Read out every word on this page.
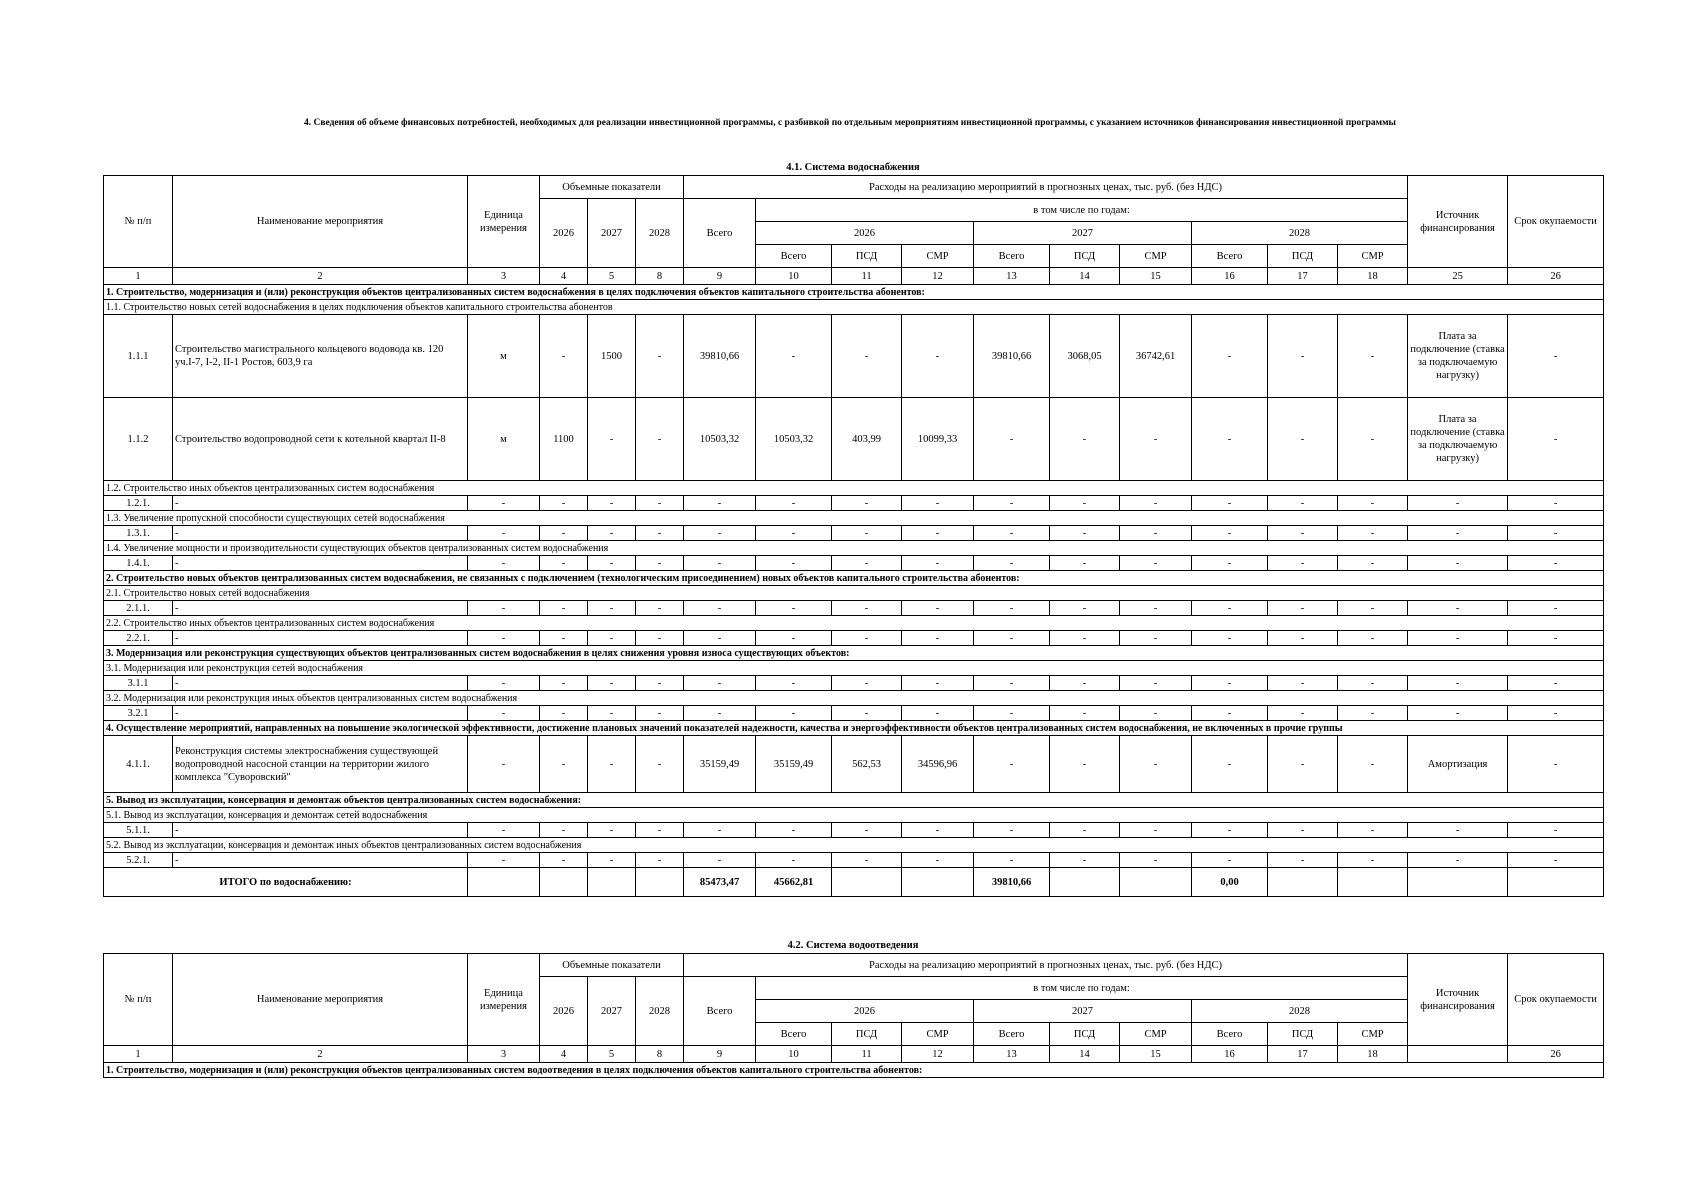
4. Сведения об объеме финансовых потребностей, необходимых для реализации инвестиционной программы, с разбивкой по отдельным мероприятиям инвестиционной программы, с указанием источников финансирования инвестиционной программы
4.1. Система водоснабжения
№ п/п	Наименование мероприятия	Единица измерения	Объемные показатели			Расходы на реализацию мероприятий в прогнозных ценах, тыс. руб. (без НДС)										Источник финансирования	Срок окупаемости
			2026	2027	2028	Всего	в том числе по годам:										
							2026			2027			2028				
							Всего	ПСД	СМР	Всего	ПСД	СМР	Всего	ПСД	СМР		
1	2	3	4	5	8	9	10	11	12	13	14	15	16	17	18	25	26
1. Строительство, модернизация и (или) реконструкция объектов централизованных систем водоснабжения в целях подключения объектов капитального строительства абонентов:																	
1.1. Строительство новых сетей водоснабжения в целях подключения объектов капитального строительства абонентов																	
1.1.1	Строительство магистрального кольцевого водовода кв. 120 уч.I-7, I-2, II-1 Ростов, 603,9 га	м	-	1500	-	39810,66	-	-	-	39810,66	3068,05	36742,61	-	-	-	Плата за подключение (ставка за подключаемую нагрузку)	-
1.1.2	Строительство водопроводной сети к котельной квартал II-8	м	1100	-	-	10503,32	10503,32	403,99	10099,33	-	-	-	-	-	-	Плата за подключение (ставка за подключаемую нагрузку)	-
1.2. Строительство иных объектов централизованных систем водоснабжения																	
1.2.1.	-	-	-	-	-	-	-	-	-	-	-	-	-	-	-	-	-
1.3. Увеличение пропускной способности существующих сетей водоснабжения																	
1.3.1.	-	-	-	-	-	-	-	-	-	-	-	-	-	-	-	-	-
1.4. Увеличение мощности и производительности существующих объектов централизованных систем водоснабжения																	
1.4.1.	-	-	-	-	-	-	-	-	-	-	-	-	-	-	-	-	-
2. Строительство новых объектов централизованных систем водоснабжения, не связанных с подключением (технологическим присоединением) новых объектов капитального строительства абонентов:																	
2.1. Строительство новых сетей водоснабжения																	
2.1.1.	-	-	-	-	-	-	-	-	-	-	-	-	-	-	-	-	-
2.2. Строительство иных объектов централизованных систем водоснабжения																	
2.2.1.	-	-	-	-	-	-	-	-	-	-	-	-	-	-	-	-	-
3. Модернизация или реконструкция существующих объектов централизованных систем водоснабжения в целях снижения уровня износа существующих объектов:																	
3.1. Модернизация или реконструкция сетей водоснабжения																	
3.1.1	-	-	-	-	-	-	-	-	-	-	-	-	-	-	-	-	-
3.2. Модернизация или реконструкция иных объектов централизованных систем водоснабжения																	
3.2.1	-	-	-	-	-	-	-	-	-	-	-	-	-	-	-	-	-
4. Осуществление мероприятий, направленных на повышение экологической эффективности, достижение плановых значений показателей надежности, качества и энергоэффективности объектов централизованных систем водоснабжения, не включенных в прочие группы																	
4.1.1.	Реконструкция системы электроснабжения существующей водопроводной насосной станции на территории жилого комплекса "Суворовский"	-	-	-	-	35159,49	35159,49	562,53	34596,96	-	-	-	-	-	-	Амортизация	-
5. Вывод из эксплуатации, консервация и демонтаж объектов централизованных систем водоснабжения:																	
5.1. Вывод из эксплуатации, консервация и демонтаж сетей водоснабжения																	
5.1.1.	-	-	-	-	-	-	-	-	-	-	-	-	-	-	-	-	-
5.2. Вывод из эксплуатации, консервация и демонтаж иных объектов централизованных систем водоснабжения																	
5.2.1.	-	-	-	-	-	-	-	-	-	-	-	-	-	-	-	-	-
ИТОГО по водоснабжению:						85473,47	45662,81			39810,66			0,00				
4.2. Система водоотведения
№ п/п	Наименование мероприятия	Единица измерения	Объемные показатели			Расходы на реализацию мероприятий в прогнозных ценах, тыс. руб. (без НДС)										Источник финансирования	Срок окупаемости
			2026	2027	2028	Всего	в том числе по годам:										
							2026			2027			2028				
							Всего	ПСД	СМР	Всего	ПСД	СМР	Всего	ПСД	СМР		
1	2	3	4	5	8	9	10	11	12	13	14	15	16	17	18		26
1. Строительство, модернизация и (или) реконструкция объектов централизованных систем водоотведения в целях подключения объектов капитального строительства абонентов:																	
